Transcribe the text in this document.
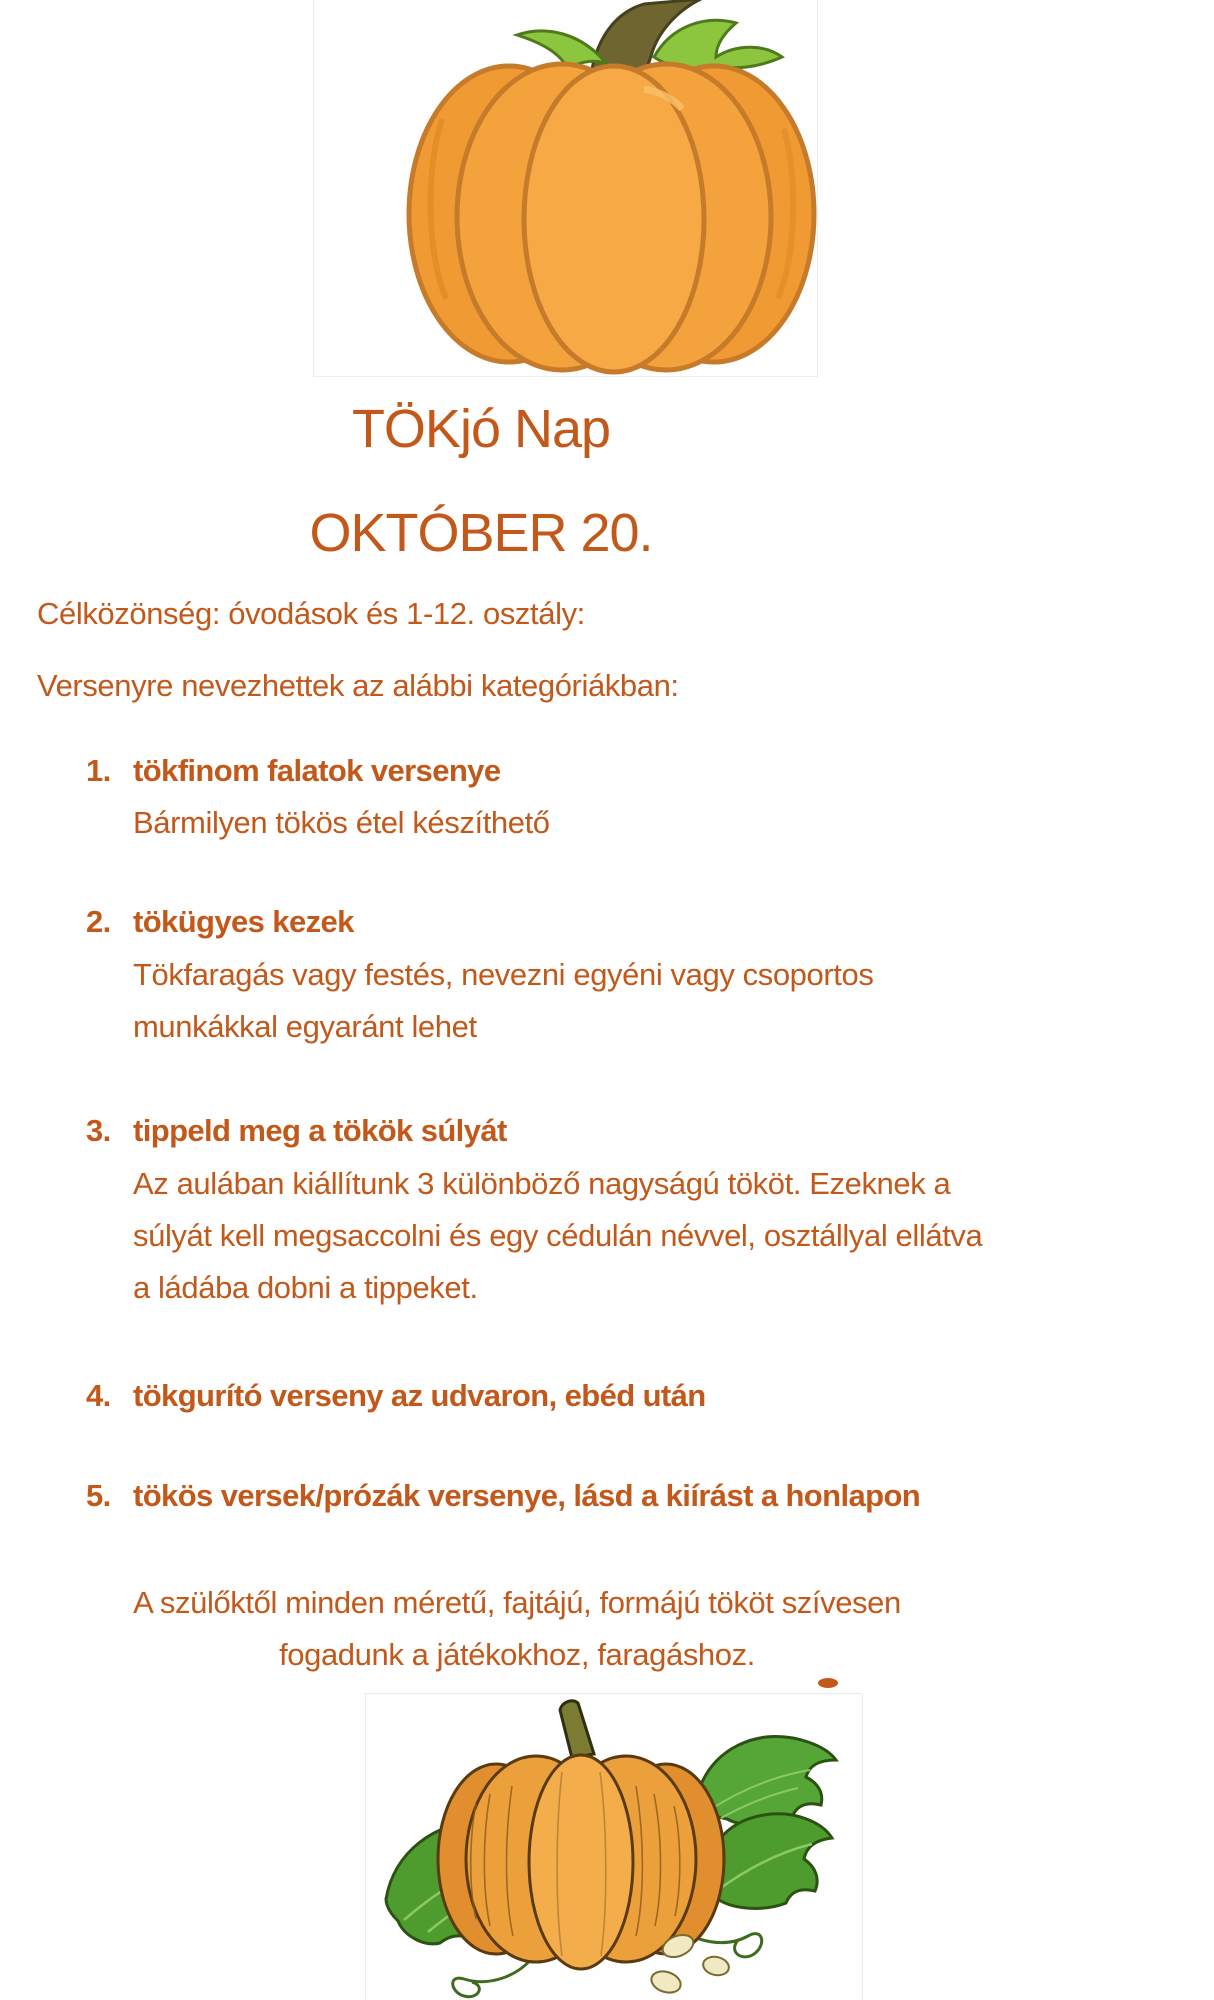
TÖKjó Nap
OKTÓBER 20.
Célközönség: óvodások és 1-12. osztály:
Versenyre nevezhettek az alábbi kategóriákban:
1. tökfinom falatok versenye
Bármilyen tökös étel készíthető
2. tökügyes kezek
Tökfaragás vagy festés, nevezni egyéni vagy csoportos
munkákkal egyaránt lehet
3. tippeld meg a tökök súlyát
Az aulában kiállítunk 3 különböző nagyságú tököt. Ezeknek a
súlyát kell megsaccolni és egy cédulán névvel, osztállyal ellátva
a ládába dobni a tippeket.
4. tökgurító verseny az udvaron, ebéd után
5. tökös versek/prózák versenye, lásd a kiírást a honlapon
A szülőktől minden méretű, fajtájú, formájú tököt szívesen
fogadunk a játékokhoz, faragáshoz.
